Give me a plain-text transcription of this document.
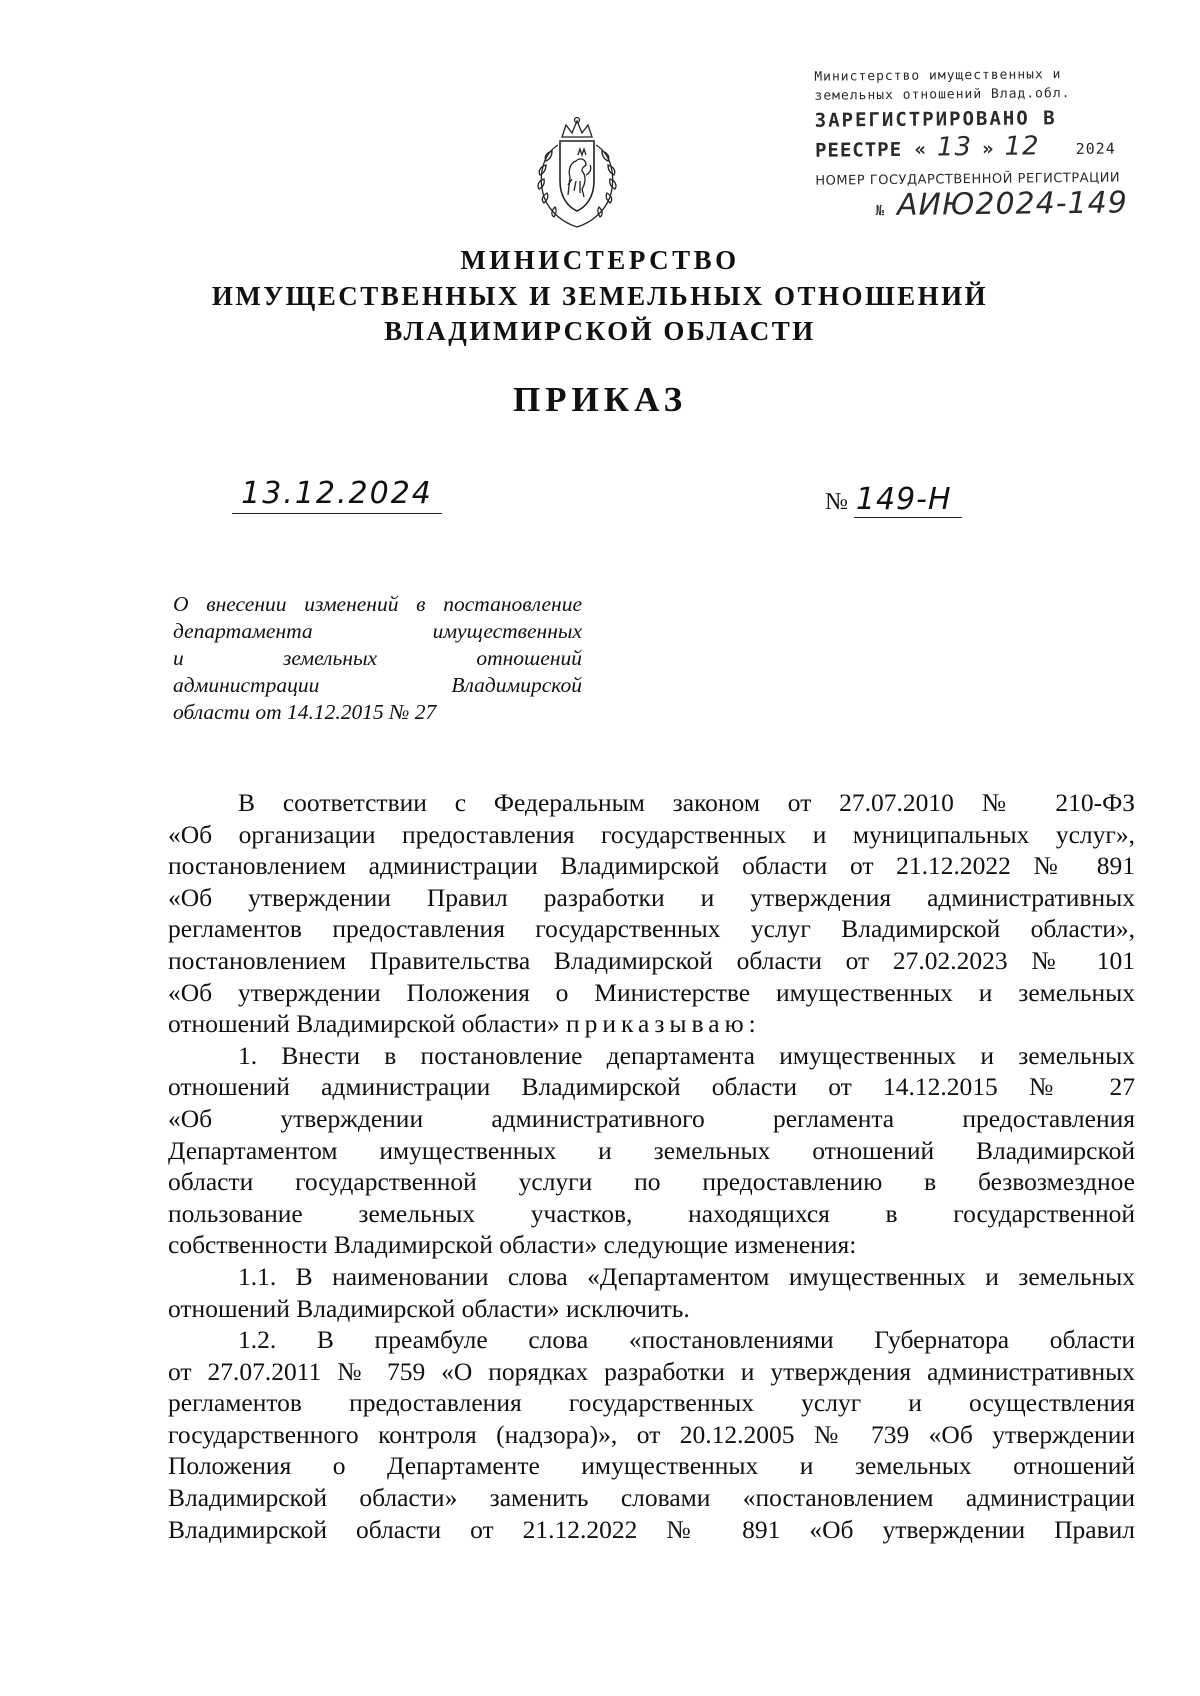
Министерство имущественных и
земельных отношений Влад.обл.
ЗАРЕГИСТРИРОВАНО В
РЕЕСТРЕ « 13 » 12 2024
НОМЕР ГОСУДАРСТВЕННОЙ РЕГИСТРАЦИИ
№ АИЮ2024-149
МИНИСТЕРСТВО
ИМУЩЕСТВЕННЫХ И ЗЕМЕЛЬНЫХ ОТНОШЕНИЙ
ВЛАДИМИРСКОЙ ОБЛАСТИ
ПРИКАЗ
13.12.2024	№ 149-Н
О внесении изменений в постановление
департамента имущественных
и земельных отношений
администрации Владимирской
области от 14.12.2015 № 27
В соответствии с Федеральным законом от 27.07.2010 № 210-ФЗ
«Об организации предоставления государственных и муниципальных услуг»,
постановлением администрации Владимирской области от 21.12.2022 № 891
«Об утверждении Правил разработки и утверждения административных
регламентов предоставления государственных услуг Владимирской области»,
постановлением Правительства Владимирской области от 27.02.2023 № 101
«Об утверждении Положения о Министерстве имущественных и земельных
отношений Владимирской области» приказываю:
1. Внести в постановление департамента имущественных и земельных
отношений администрации Владимирской области от 14.12.2015 № 27
«Об утверждении административного регламента предоставления
Департаментом имущественных и земельных отношений Владимирской
области государственной услуги по предоставлению в безвозмездное
пользование земельных участков, находящихся в государственной
собственности Владимирской области» следующие изменения:
1.1. В наименовании слова «Департаментом имущественных и земельных
отношений Владимирской области» исключить.
1.2. В преамбуле слова «постановлениями Губернатора области
от 27.07.2011 № 759 «О порядках разработки и утверждения административных
регламентов предоставления государственных услуг и осуществления
государственного контроля (надзора)», от 20.12.2005 № 739 «Об утверждении
Положения о Департаменте имущественных и земельных отношений
Владимирской области» заменить словами «постановлением администрации
Владимирской области от 21.12.2022 № 891 «Об утверждении Правил
